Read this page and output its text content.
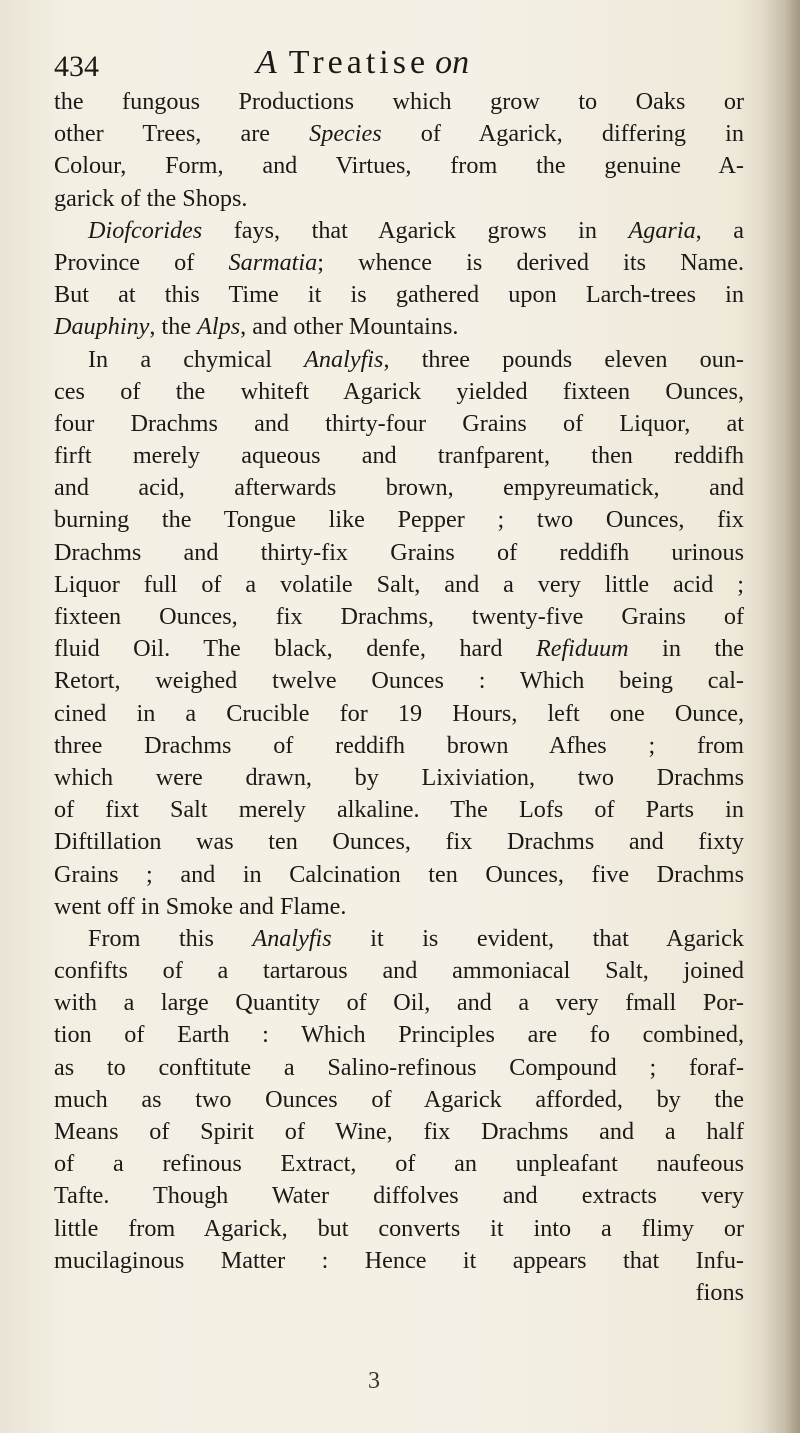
434	A Treatise on
the fungous Productions which grow to Oaks or
other Trees, are Species of Agarick, differing in
Colour, Form, and Virtues, from the genuine A-
garick of the Shops.
Diofcorides fays, that Agarick grows in Agaria, a
Province of Sarmatia; whence is derived its Name.
But at this Time it is gathered upon Larch-trees in
Dauphiny, the Alps, and other Mountains.
In a chymical Analyfis, three pounds eleven oun-
ces of the whiteft Agarick yielded fixteen Ounces,
four Drachms and thirty-four Grains of Liquor, at
firft merely aqueous and tranfparent, then reddifh
and acid, afterwards brown, empyreumatick, and
burning the Tongue like Pepper ; two Ounces, fix
Drachms and thirty-fix Grains of reddifh urinous
Liquor full of a volatile Salt, and a very little acid ;
fixteen Ounces, fix Drachms, twenty-five Grains of
fluid Oil. The black, denfe, hard Refiduum in the
Retort, weighed twelve Ounces : Which being cal-
cined in a Crucible for 19 Hours, left one Ounce,
three Drachms of reddifh brown Afhes ; from
which were drawn, by Lixiviation, two Drachms
of fixt Salt merely alkaline. The Lofs of Parts in
Diftillation was ten Ounces, fix Drachms and fixty
Grains ; and in Calcination ten Ounces, five Drachms
went off in Smoke and Flame.
From this Analyfis it is evident, that Agarick
confifts of a tartarous and ammoniacal Salt, joined
with a large Quantity of Oil, and a very fmall Por-
tion of Earth : Which Principles are fo combined,
as to conftitute a Salino-refinous Compound ; foraf-
much as two Ounces of Agarick afforded, by the
Means of Spirit of Wine, fix Drachms and a half
of a refinous Extract, of an unpleafant naufeous
Tafte. Though Water diffolves and extracts very
little from Agarick, but converts it into a flimy or
mucilaginous Matter : Hence it appears that Infu-
fions
3
